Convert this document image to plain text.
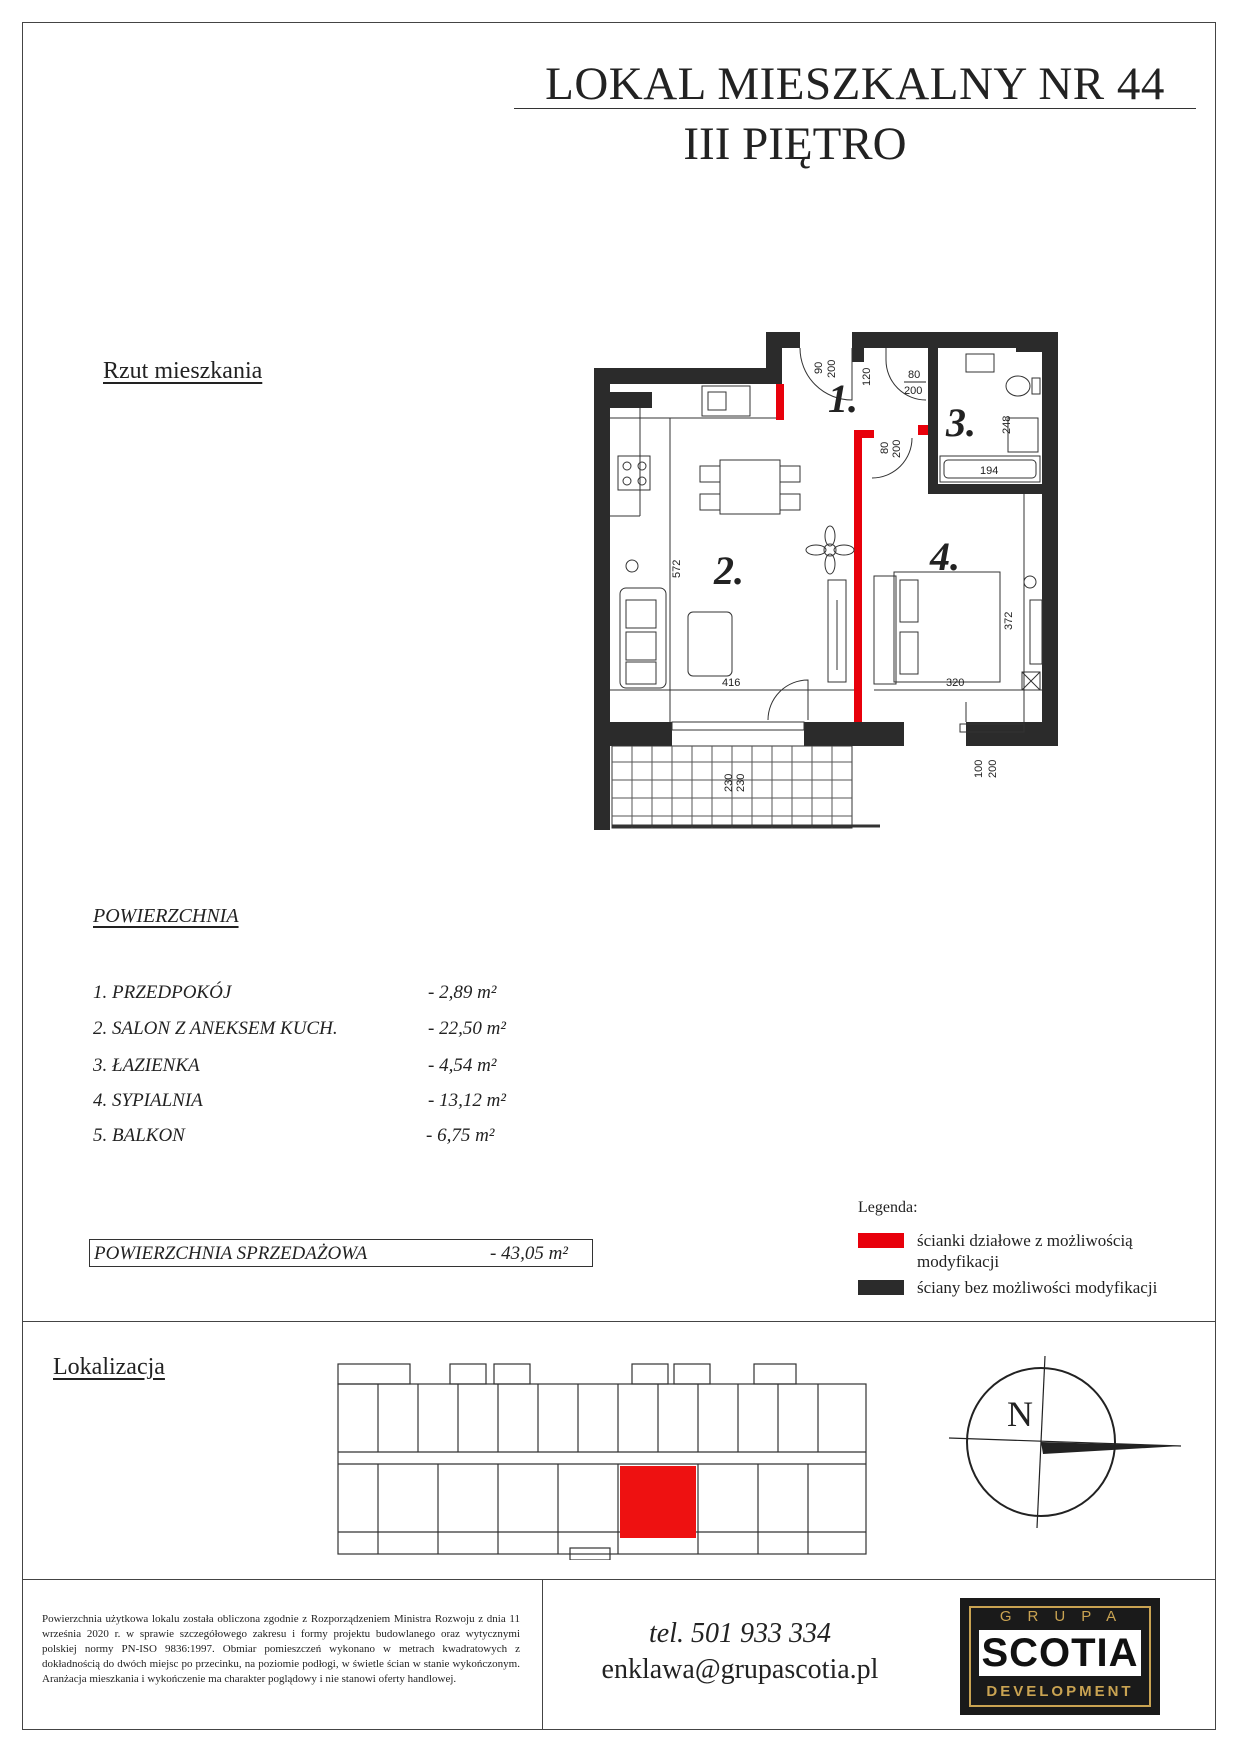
LOKAL MIESZKALNY NR 44
III PIĘTRO
Rzut mieszkania
1.
2.
3.
4.
572
416	320
372
248
194
120
90 200	80
200
80 200
230 230
100 200
POWIERZCHNIA
1. PRZEDPOKÓJ	- 2,89 m²
2. SALON Z ANEKSEM KUCH.	- 22,50 m²
3. ŁAZIENKA	- 4,54 m²
4. SYPIALNIA	- 13,12 m²
5. BALKON	- 6,75 m²
POWIERZCHNIA SPRZEDAŻOWA	- 43,05 m²
Legenda:
ścianki działowe z możliwością modyfikacji
ściany bez możliwości modyfikacji
Lokalizacja
N
Powierzchnia użytkowa lokalu została obliczona zgodnie z Rozporządzeniem Ministra Rozwoju z dnia 11 września 2020 r. w sprawie szczegółowego zakresu i formy projektu budowlanego oraz wytycznymi polskiej normy PN-ISO 9836:1997. Obmiar pomieszczeń wykonano w metrach kwadratowych z dokładnością do dwóch miejsc po przecinku, na poziomie podłogi, w świetle ścian w stanie wykończonym. Aranżacja mieszkania i wykończenie ma charakter poglądowy i nie stanowi oferty handlowej.
tel. 501 933 334
enklawa@grupascotia.pl
GRUPA
SCOTIA
DEVELOPMENT
